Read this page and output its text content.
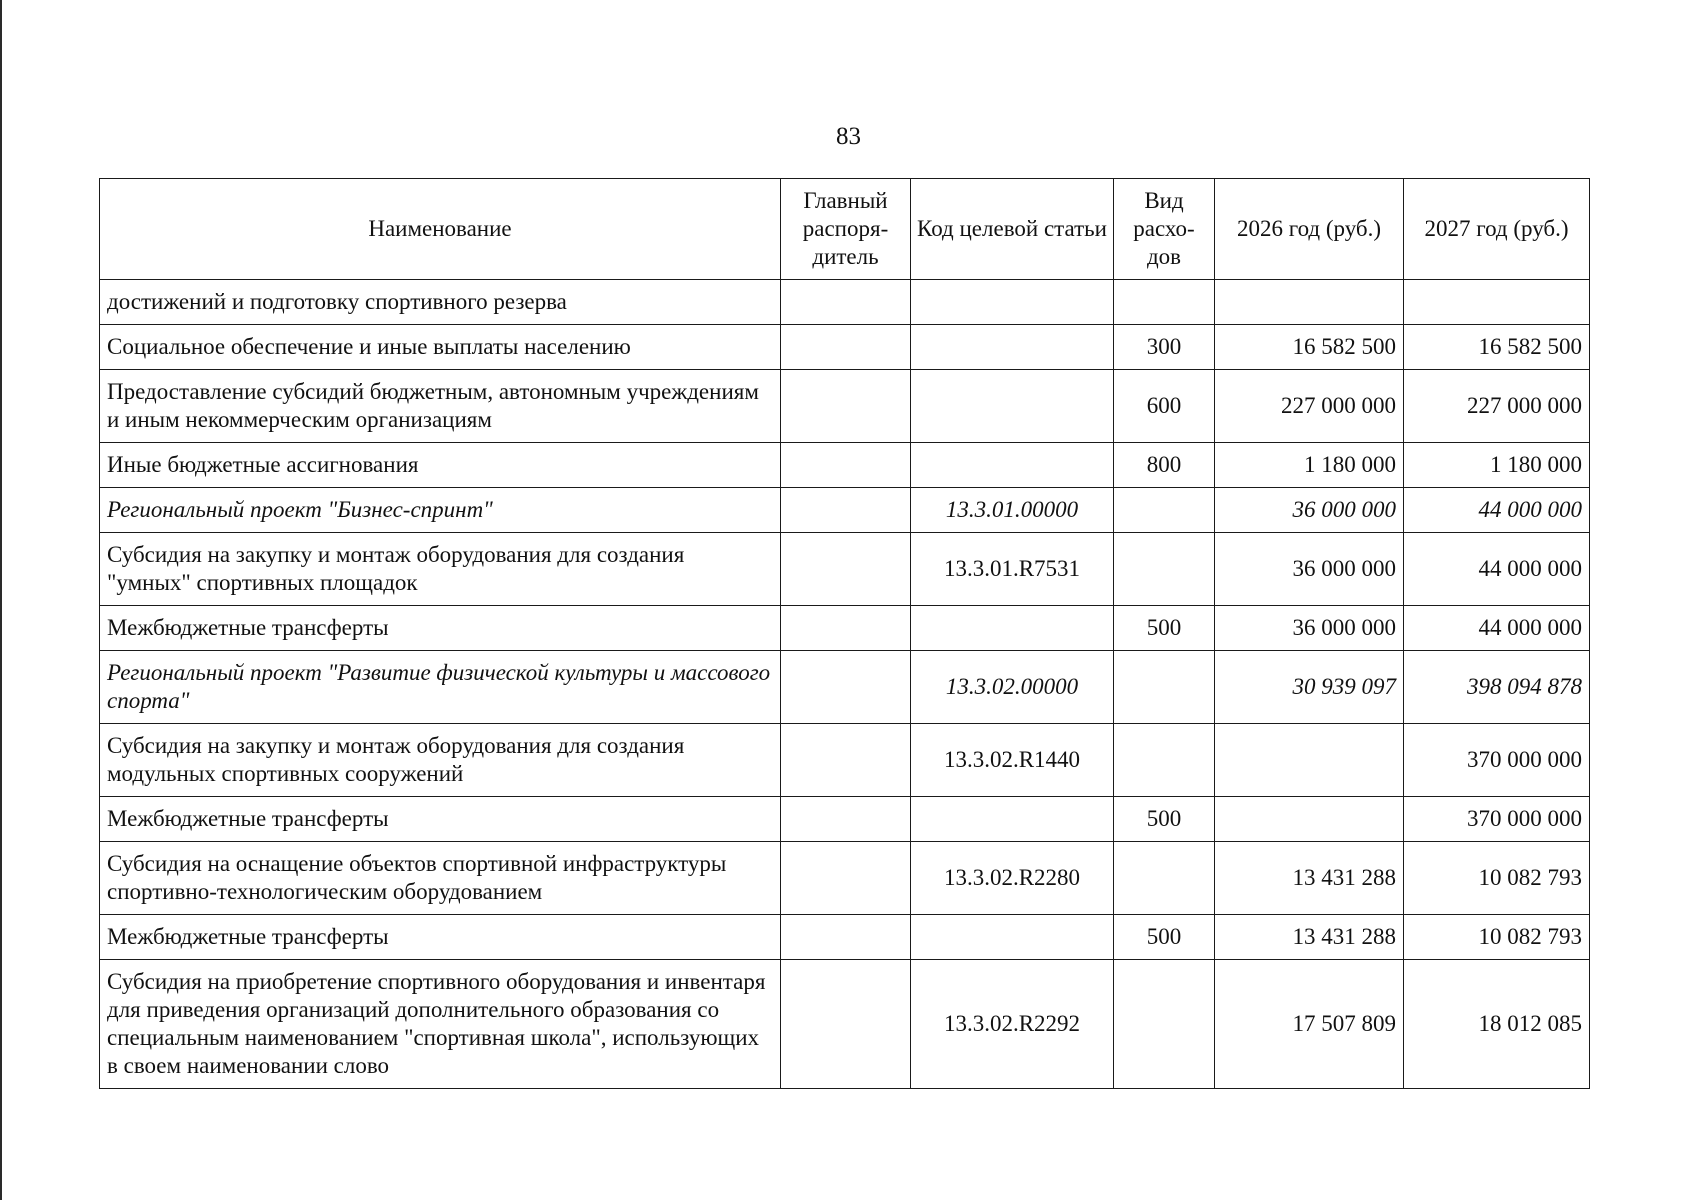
83
Наименование	Главный распоря-дитель	Код целевой статьи	Вид расхо-дов	2026 год (руб.)	2027 год (руб.)
достижений и подготовку спортивного резерва					
Социальное обеспечение и иные выплаты населению			300	16 582 500	16 582 500
Предоставление субсидий бюджетным, автономным учреждениям и иным некоммерческим организациям			600	227 000 000	227 000 000
Иные бюджетные ассигнования			800	1 180 000	1 180 000
Региональный проект "Бизнес-спринт"		13.3.01.00000		36 000 000	44 000 000
Субсидия на закупку и монтаж оборудования для создания "умных" спортивных площадок		13.3.01.R7531		36 000 000	44 000 000
Межбюджетные трансферты			500	36 000 000	44 000 000
Региональный проект "Развитие физической культуры и массового спорта"		13.3.02.00000		30 939 097	398 094 878
Субсидия на закупку и монтаж оборудования для создания модульных спортивных сооружений		13.3.02.R1440			370 000 000
Межбюджетные трансферты			500		370 000 000
Субсидия на оснащение объектов спортивной инфраструктуры спортивно-технологическим оборудованием		13.3.02.R2280		13 431 288	10 082 793
Межбюджетные трансферты			500	13 431 288	10 082 793
Субсидия на приобретение спортивного оборудования и инвентаря для приведения организаций дополнительного образования со специальным наименованием "спортивная школа", использующих в своем наименовании слово		13.3.02.R2292		17 507 809	18 012 085
